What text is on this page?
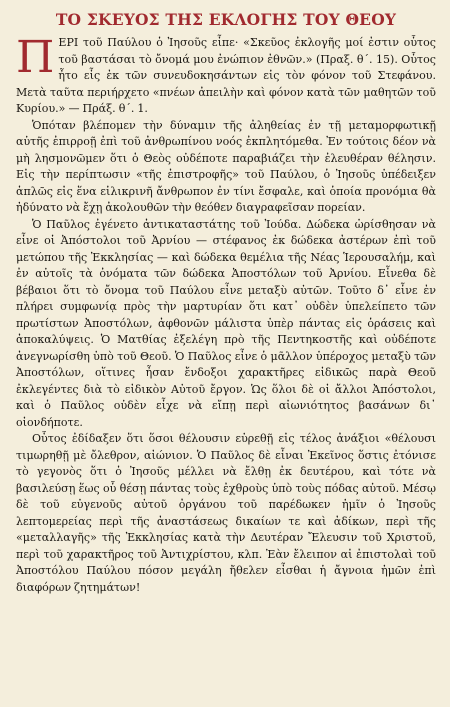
ΤΟ ΣΚΕΥΟΣ ΤΗΣ ΕΚΛΟΓΗΣ ΤΟΥ ΘΕΟΥ

Π ΕΡΙ τοῦ Παύλου ὁ Ἰησοῦς εἶπε· «Σκεῦος ἐκλογῆς μοί ἐστιν οὗτος τοῦ βαστάσαι τὸ ὄνομά μου ἐνώπιον ἐθνῶν.» (Πραξ. θ΄. 15). Οὗτος ἦτο εἷς ἐκ τῶν συνευδοκησάντων εἰς τὸν φόνον τοῦ Στεφάνου. Μετὰ ταῦτα περιήρχετο «πνέων ἀπειλὴν καὶ φόνον κατὰ τῶν μαθητῶν τοῦ Κυρίου.» — Πράξ. θ΄. 1.

Ὁπόταν βλέπομεν τὴν δύναμιν τῆς ἀληθείας ἐν τῇ μεταμορφωτικῇ αὐτῆς ἐπιρροῇ ἐπὶ τοῦ ἀνθρωπίνου νοός ἐκπλητόμεθα. Ἐν τούτοις δέον νὰ μὴ λησμονῶμεν ὅτι ὁ Θεὸς οὐδέποτε παραβιάζει τὴν ἐλευθέραν θέλησιν. Εἰς τὴν περίπτωσιν «τῆς ἐπιστροφῆς» τοῦ Παύλου, ὁ Ἰησοῦς ὑπέδειξεν ἁπλῶς εἰς ἕνα εἰλικρινῆ ἄνθρωπον ἐν τίνι ἔσφαλε, καὶ ὁποία προνόμια θὰ ἠδύνατο νὰ ἔχῃ ἀκολουθῶν τὴν θεόθεν διαγραφεῖσαν πορείαν.

Ὁ Παῦλος ἐγένετο ἀντικαταστάτης τοῦ Ἰούδα. Δώδεκα ὡρίσθησαν νὰ εἶνε οἱ Ἀπόστολοι τοῦ Ἀρνίου — στέφανος ἐκ δώδεκα ἀστέρων ἐπὶ τοῦ μετώπου τῆς Ἐκκλησίας — καὶ δώδεκα θεμέλια τῆς Νέας Ἱερουσαλήμ, καὶ ἐν αὐτοῖς τὰ ὀνόματα τῶν δώδεκα Ἀποστόλων τοῦ Ἀρνίου. Εἶνεθα δὲ βέβαιοι ὅτι τὸ ὄνομα τοῦ Παύλου εἶνε μεταξὺ αὐτῶν. Τοῦτο δ᾽ εἶνε ἐν πλήρει συμφωνίᾳ πρὸς τὴν μαρτυρίαν ὅτι κατ᾽ οὐδὲν ὑπελείπετο τῶν πρωτίστων Ἀποστόλων, ἀφθονῶν μάλιστα ὑπὲρ πάντας εἰς ὁράσεις καὶ ἀποκαλύψεις. Ὁ Ματθίας ἐξελέγη πρὸ τῆς Πεντηκοστῆς καὶ οὐδέποτε ἀνεγνωρίσθη ὑπὸ τοῦ Θεοῦ. Ὁ Παῦλος εἶνε ὁ μᾶλλον ὑπέροχος μεταξὺ τῶν Ἀποστόλων, οἵτινες ἦσαν ἔνδοξοι χαρακτῆρες εἰδικῶς παρὰ Θεοῦ ἐκλεγέντες διὰ τὸ εἰδικὸν Αὐτοῦ ἔργον. Ὡς ὅλοι δὲ οἱ ἄλλοι Ἀπόστολοι, καὶ ὁ Παῦλος οὐδὲν εἶχε νὰ εἴπῃ περὶ αἰωνιότητος βασάνων δι᾽ οἱονδήποτε.

Οὗτος ἐδίδαξεν ὅτι ὅσοι θέλουσιν εὑρεθῇ εἰς τέλος ἀνάξιοι «θέλουσι τιμωρηθῇ μὲ ὄλεθρον, αἰώνιον. Ὁ Παῦλος δὲ εἶναι Ἐκεῖνος ὅστις ἐτόνισε τὸ γεγονὸς ὅτι ὁ Ἰησοῦς μέλλει νὰ ἔλθῃ ἐκ δευτέρου, καὶ τότε νὰ βασιλεύσῃ ἕως οὗ θέσῃ πάντας τοὺς ἐχθροὺς ὑπὸ τοὺς πόδας αὐτοῦ. Μέσῳ δὲ τοῦ εὐγενοῦς αὐτοῦ ὀργάνου τοῦ παρέδωκεν ἡμῖν ὁ Ἰησοῦς λεπτομερείας περὶ τῆς ἀναστάσεως δικαίων τε καὶ ἀδίκων, περὶ τῆς «μεταλλαγῆς» τῆς Ἐκκλησίας κατὰ τὴν Δευτέραν Ἔλευσιν τοῦ Χριστοῦ, περὶ τοῦ χαρακτῆρος τοῦ Ἀντιχρίστου, κλπ. Ἐὰν ἔλειπον αἱ ἐπιστολαὶ τοῦ Ἀποστόλου Παύλου πόσον μεγάλη ἤθελεν εἶσθαι ἡ ἄγνοια ἡμῶν ἐπὶ διαφόρων ζητημάτων!
